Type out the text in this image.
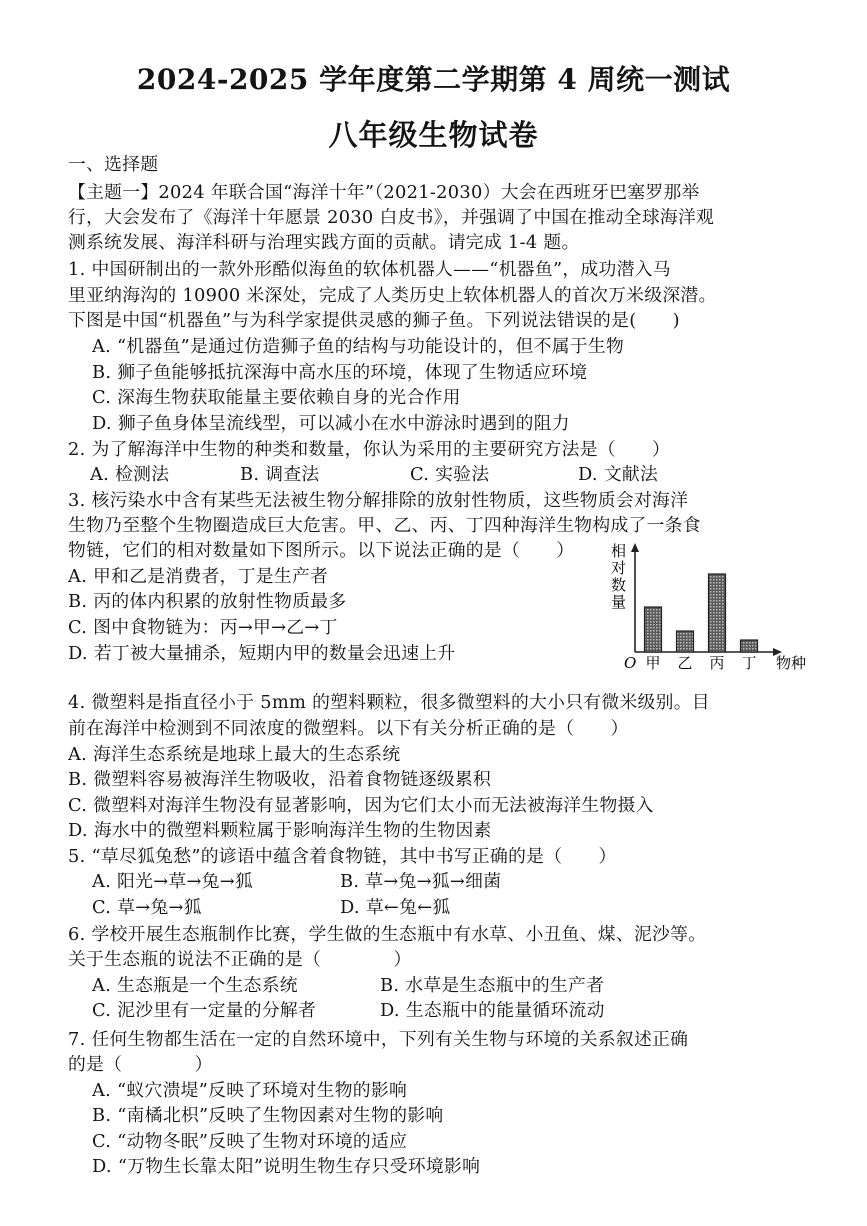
2024-2025 学年度第二学期第 4 周统一测试
八年级生物试卷
一、选择题
【主题一】2024 年联合国“海洋十年”（2021-2030）大会在西班牙巴塞罗那举
行，大会发布了《海洋十年愿景 2030 白皮书》，并强调了中国在推动全球海洋观
测系统发展、海洋科研与治理实践方面的贡献。请完成 1-4 题。
1. 中国研制出的一款外形酷似海鱼的软体机器人——“机器鱼”，成功潜入马
里亚纳海沟的 10900 米深处，完成了人类历史上软体机器人的首次万米级深潜。
下图是中国“机器鱼”与为科学家提供灵感的狮子鱼。下列说法错误的是(　　)
A. “机器鱼”是通过仿造狮子鱼的结构与功能设计的，但不属于生物
B. 狮子鱼能够抵抗深海中高水压的环境，体现了生物适应环境
C. 深海生物获取能量主要依赖自身的光合作用
D. 狮子鱼身体呈流线型，可以减小在水中游泳时遇到的阻力
2. 为了解海洋中生物的种类和数量，你认为采用的主要研究方法是（　　）
A. 检测法	B. 调查法	C. 实验法	D. 文献法
3. 核污染水中含有某些无法被生物分解排除的放射性物质，这些物质会对海洋
生物乃至整个生物圈造成巨大危害。甲、乙、丙、丁四种海洋生物构成了一条食
物链，它们的相对数量如下图所示。以下说法正确的是（　　）
A. 甲和乙是消费者，丁是生产者
B. 丙的体内积累的放射性物质最多
C. 图中食物链为：丙→甲→乙→丁
D. 若丁被大量捕杀，短期内甲的数量会迅速上升
相
对
数
量
O	物种
甲 乙 丙 丁
4. 微塑料是指直径小于 5mm 的塑料颗粒，很多微塑料的大小只有微米级别。目
前在海洋中检测到不同浓度的微塑料。以下有关分析正确的是（　　）
A. 海洋生态系统是地球上最大的生态系统
B. 微塑料容易被海洋生物吸收，沿着食物链逐级累积
C. 微塑料对海洋生物没有显著影响，因为它们太小而无法被海洋生物摄入
D. 海水中的微塑料颗粒属于影响海洋生物的生物因素
5. “草尽狐兔愁”的谚语中蕴含着食物链，其中书写正确的是（　　）
A. 阳光→草→兔→狐	B. 草→兔→狐→细菌
C. 草→兔→狐	D. 草←兔←狐
6. 学校开展生态瓶制作比赛，学生做的生态瓶中有水草、小丑鱼、煤、泥沙等。
关于生态瓶的说法不正确的是（　　　　）
A. 生态瓶是一个生态系统	B. 水草是生态瓶中的生产者
C. 泥沙里有一定量的分解者	D. 生态瓶中的能量循环流动
7. 任何生物都生活在一定的自然环境中，下列有关生物与环境的关系叙述正确
的是（　　　　）
A. “蚁穴溃堤”反映了环境对生物的影响
B. “南橘北枳”反映了生物因素对生物的影响
C. “动物冬眠”反映了生物对环境的适应
D. “万物生长靠太阳”说明生物生存只受环境影响
